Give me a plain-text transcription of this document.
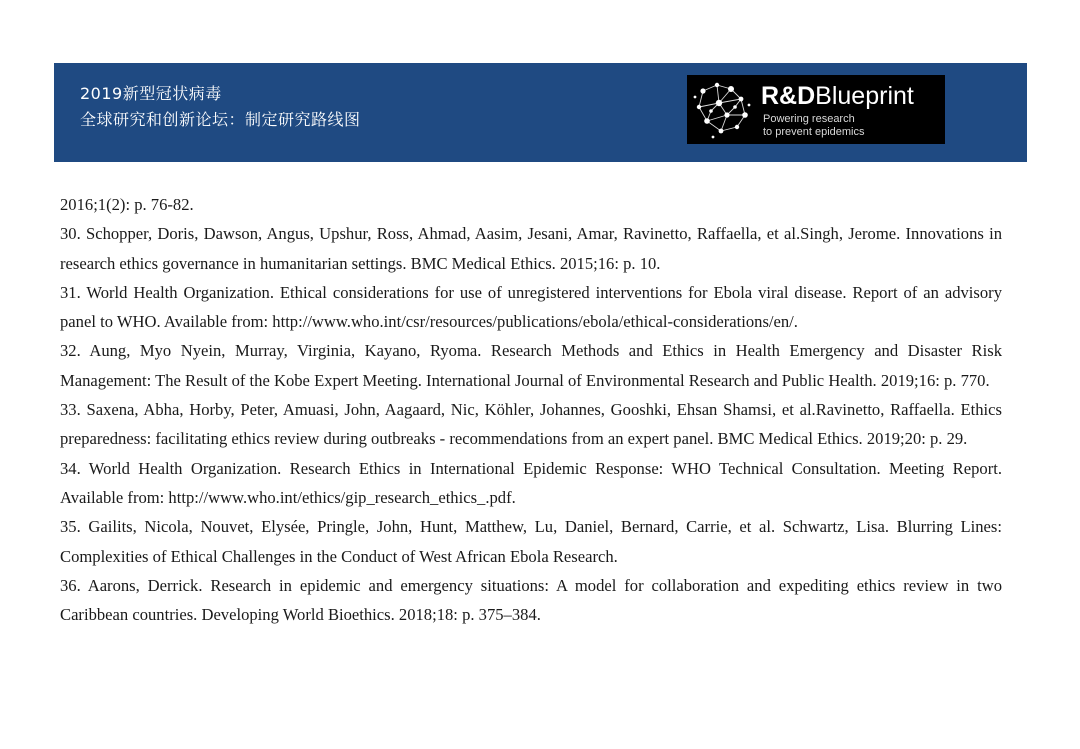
2019新型冠状病毒
全球研究和创新论坛：制定研究路线图
R&DBlueprint
Powering research
to prevent epidemics
2016;1(2): p. 76-82.
30. Schopper, Doris, Dawson, Angus, Upshur, Ross, Ahmad, Aasim, Jesani, Amar, Ravinetto, Raffaella, et al.Singh, Jerome. Innovations in research ethics governance in humanitarian settings. BMC Medical Ethics. 2015;16: p. 10.
31. World Health Organization. Ethical considerations for use of unregistered interventions for Ebola viral disease. Report of an advisory panel to WHO. Available from: http://www.who.int/csr/resources/publications/ebola/ethical-considerations/en/.
32. Aung, Myo Nyein, Murray, Virginia, Kayano, Ryoma. Research Methods and Ethics in Health Emergency and Disaster Risk Management: The Result of the Kobe Expert Meeting. International Journal of Environmental Research and Public Health. 2019;16: p. 770.
33. Saxena, Abha, Horby, Peter, Amuasi, John, Aagaard, Nic, Köhler, Johannes, Gooshki, Ehsan Shamsi, et al.Ravinetto, Raffaella. Ethics preparedness: facilitating ethics review during outbreaks - recommendations from an expert panel. BMC Medical Ethics. 2019;20: p. 29.
34. World Health Organization. Research Ethics in International Epidemic Response: WHO Technical Consultation. Meeting Report. Available from: http://www.who.int/ethics/gip_research_ethics_.pdf.
35. Gailits, Nicola, Nouvet, Elysée, Pringle, John, Hunt, Matthew, Lu, Daniel, Bernard, Carrie, et al. Schwartz, Lisa. Blurring Lines: Complexities of Ethical Challenges in the Conduct of West African Ebola Research.
36. Aarons, Derrick. Research in epidemic and emergency situations: A model for collaboration and expediting ethics review in two Caribbean countries. Developing World Bioethics. 2018;18: p. 375–384.
